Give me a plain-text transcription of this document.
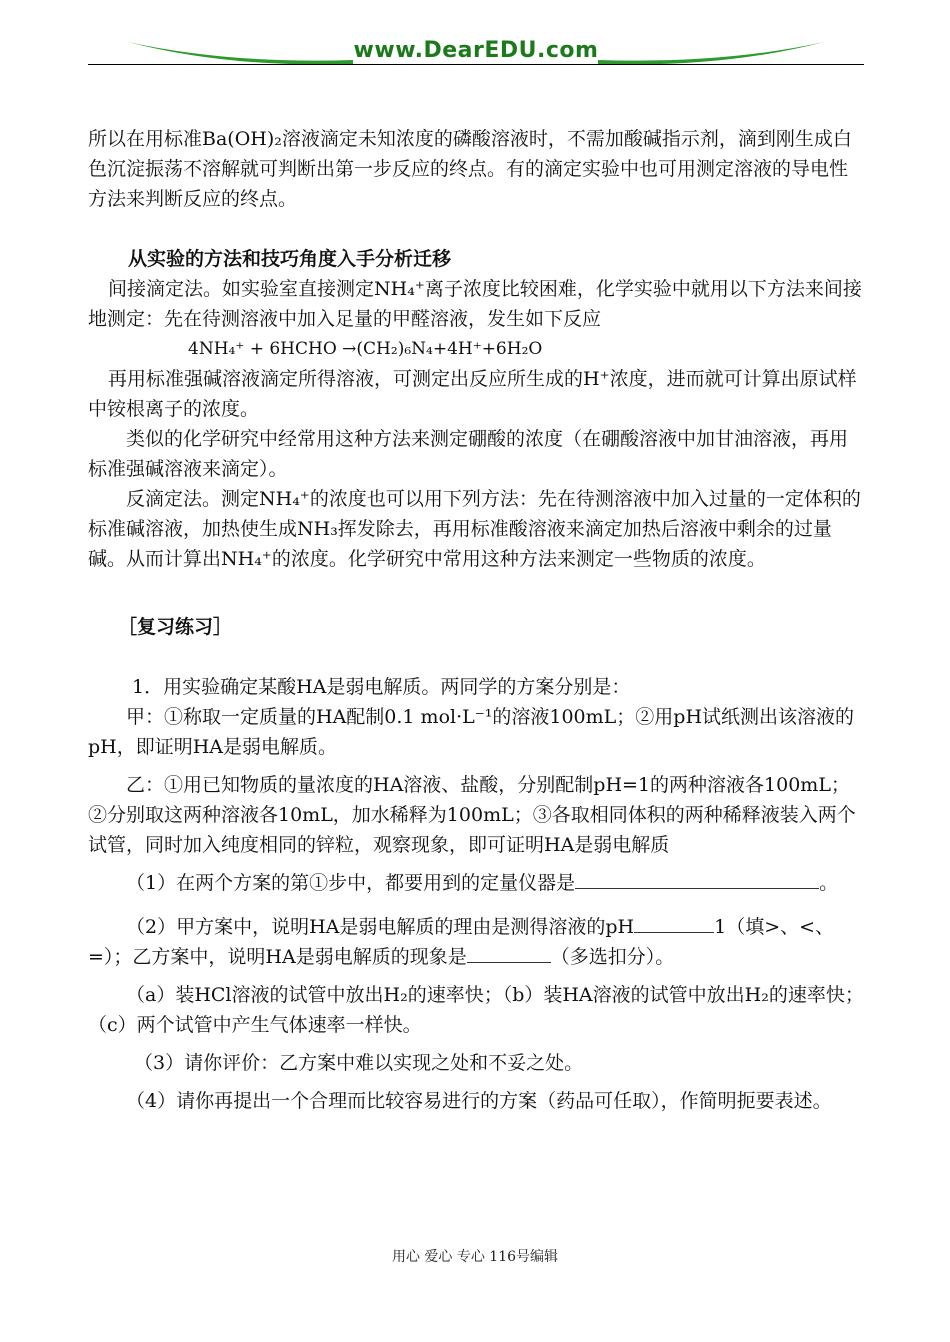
www.DearEDU.com

所以在用标准Ba(OH)₂溶液滴定未知浓度的磷酸溶液时，不需加酸碱指示剂，滴到刚生成白色沉淀振荡不溶解就可判断出第一步反应的终点。有的滴定实验中也可用测定溶液的导电性方法来判断反应的终点。

从实验的方法和技巧角度入手分析迁移

间接滴定法。如实验室直接测定NH₄⁺离子浓度比较困难，化学实验中就用以下方法来间接地测定：先在待测溶液中加入足量的甲醛溶液，发生如下反应

4NH₄⁺ + 6HCHO →(CH₂)₆N₄+4H⁺+6H₂O

再用标准强碱溶液滴定所得溶液，可测定出反应所生成的H⁺浓度，进而就可计算出原试样中铵根离子的浓度。

类似的化学研究中经常用这种方法来测定硼酸的浓度（在硼酸溶液中加甘油溶液，再用标准强碱溶液来滴定）。

反滴定法。测定NH₄⁺的浓度也可以用下列方法：先在待测溶液中加入过量的一定体积的标准碱溶液，加热使生成NH₃挥发除去，再用标准酸溶液来滴定加热后溶液中剩余的过量碱。从而计算出NH₄⁺的浓度。化学研究中常用这种方法来测定一些物质的浓度。

［复习练习］

1．用实验确定某酸HA是弱电解质。两同学的方案分别是：

甲：①称取一定质量的HA配制0.1 mol·L⁻¹的溶液100mL；②用pH试纸测出该溶液的pH，即证明HA是弱电解质。

乙：①用已知物质的量浓度的HA溶液、盐酸，分别配制pH=1的两种溶液各100mL；②分别取这两种溶液各10mL，加水稀释为100mL；③各取相同体积的两种稀释液装入两个试管，同时加入纯度相同的锌粒，观察现象，即可证明HA是弱电解质

（1）在两个方案的第①步中，都要用到的定量仪器是	。

（2）甲方案中，说明HA是弱电解质的理由是测得溶液的pH	1（填>、<、=）；乙方案中，说明HA是弱电解质的现象是	（多选扣分）。

（a）装HCl溶液的试管中放出H₂的速率快；（b）装HA溶液的试管中放出H₂的速率快；（c）两个试管中产生气体速率一样快。

（3）请你评价：乙方案中难以实现之处和不妥之处。

（4）请你再提出一个合理而比较容易进行的方案（药品可任取），作简明扼要表述。

用心 爱心 专心 116号编辑
